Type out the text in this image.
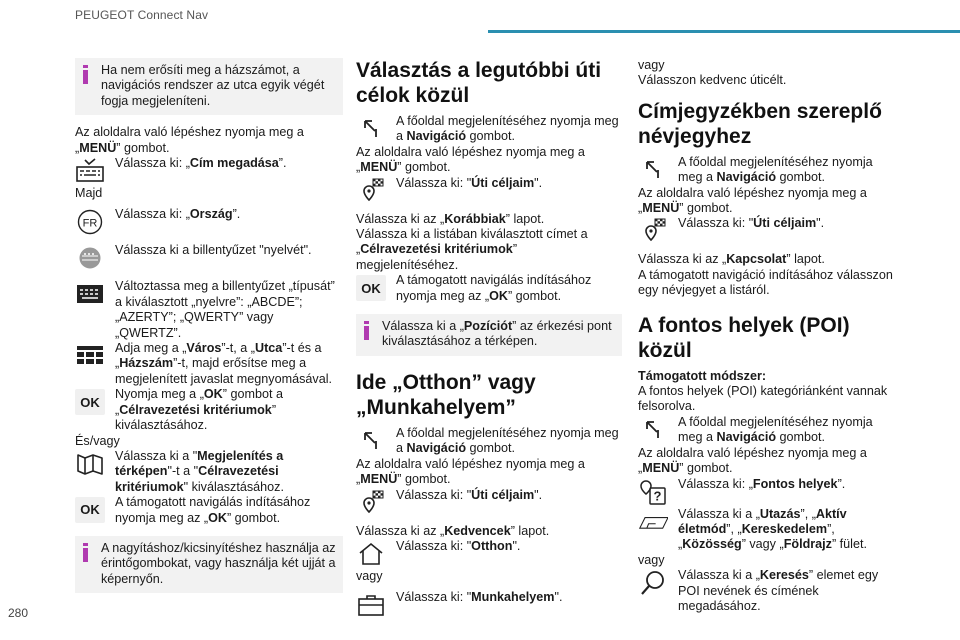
PEUGEOT Connect Nav
280

Ha nem erősíti meg a házszámot, a navigációs rendszer az utca egyik végét fogja megjeleníteni.

Az aloldalra való lépéshez nyomja meg a „MENÜ” gombot.

Válassza ki: „Cím megadása”.

Majd

FR

Válassza ki: „Ország”.

Válassza ki a billentyűzet "nyelvét".

Változtassa meg a billentyűzet „típusát” a kiválasztott „nyelvre”: „ABCDE”; „AZERTY”; „QWERTY” vagy „QWERTZ”.

Adja meg a „Város”-t, a „Utca”-t és a „Házszám”-t, majd erősítse meg a megjelenített javaslat megnyomásával.

OK

Nyomja meg a „OK” gombot a „Célravezetési kritériumok” kiválasztásához.

És/vagy

Válassza ki a "Megjelenítés a térképen"-t a "Célravezetési kritériumok" kiválasztásához.

OK

A támogatott navigálás indításához nyomja meg az „OK” gombot.

A nagyításhoz/kicsinyítéshez használja az érintőgombokat, vagy használja két ujját a képernyőn.

Választás a legutóbbi úti célok közül

A főoldal megjelenítéséhez nyomja meg a Navigáció gombot.

Az aloldalra való lépéshez nyomja meg a „MENÜ” gombot.

Válassza ki: "Úti céljaim".

Válassza ki az „Korábbiak” lapot.

Válassza ki a listában kiválasztott címet a „Célravezetési kritériumok” megjelenítéséhez.

OK

A támogatott navigálás indításához nyomja meg az „OK” gombot.

Válassza ki a „Pozíciót” az érkezési pont kiválasztásához a térképen.

Ide „Otthon” vagy „Munkahelyem”

A főoldal megjelenítéséhez nyomja meg a Navigáció gombot.

Az aloldalra való lépéshez nyomja meg a „MENÜ” gombot.

Válassza ki: "Úti céljaim".

Válassza ki az „Kedvencek” lapot.

Válassza ki: "Otthon".

vagy

Válassza ki: "Munkahelyem".

vagy

Válasszon kedvenc úticélt.

Címjegyzékben szereplő névjegyhez

A főoldal megjelenítéséhez nyomja meg a Navigáció gombot.

Az aloldalra való lépéshez nyomja meg a „MENÜ” gombot.

Válassza ki: "Úti céljaim".

Válassza ki az „Kapcsolat” lapot.

A támogatott navigáció indításához válasszon egy névjegyet a listáról.

A fontos helyek (POI) közül

Támogatott módszer:

A fontos helyek (POI) kategóriánként vannak felsorolva.

A főoldal megjelenítéséhez nyomja meg a Navigáció gombot.

Az aloldalra való lépéshez nyomja meg a „MENÜ” gombot.

?

Válassza ki: „Fontos helyek”.

Válassza ki a „Utazás”, „Aktív életmód”, „Kereskedelem”, „Közösség” vagy „Földrajz” fület.

vagy

Válassza ki a „Keresés” elemet egy POI nevének és címének megadásához.
